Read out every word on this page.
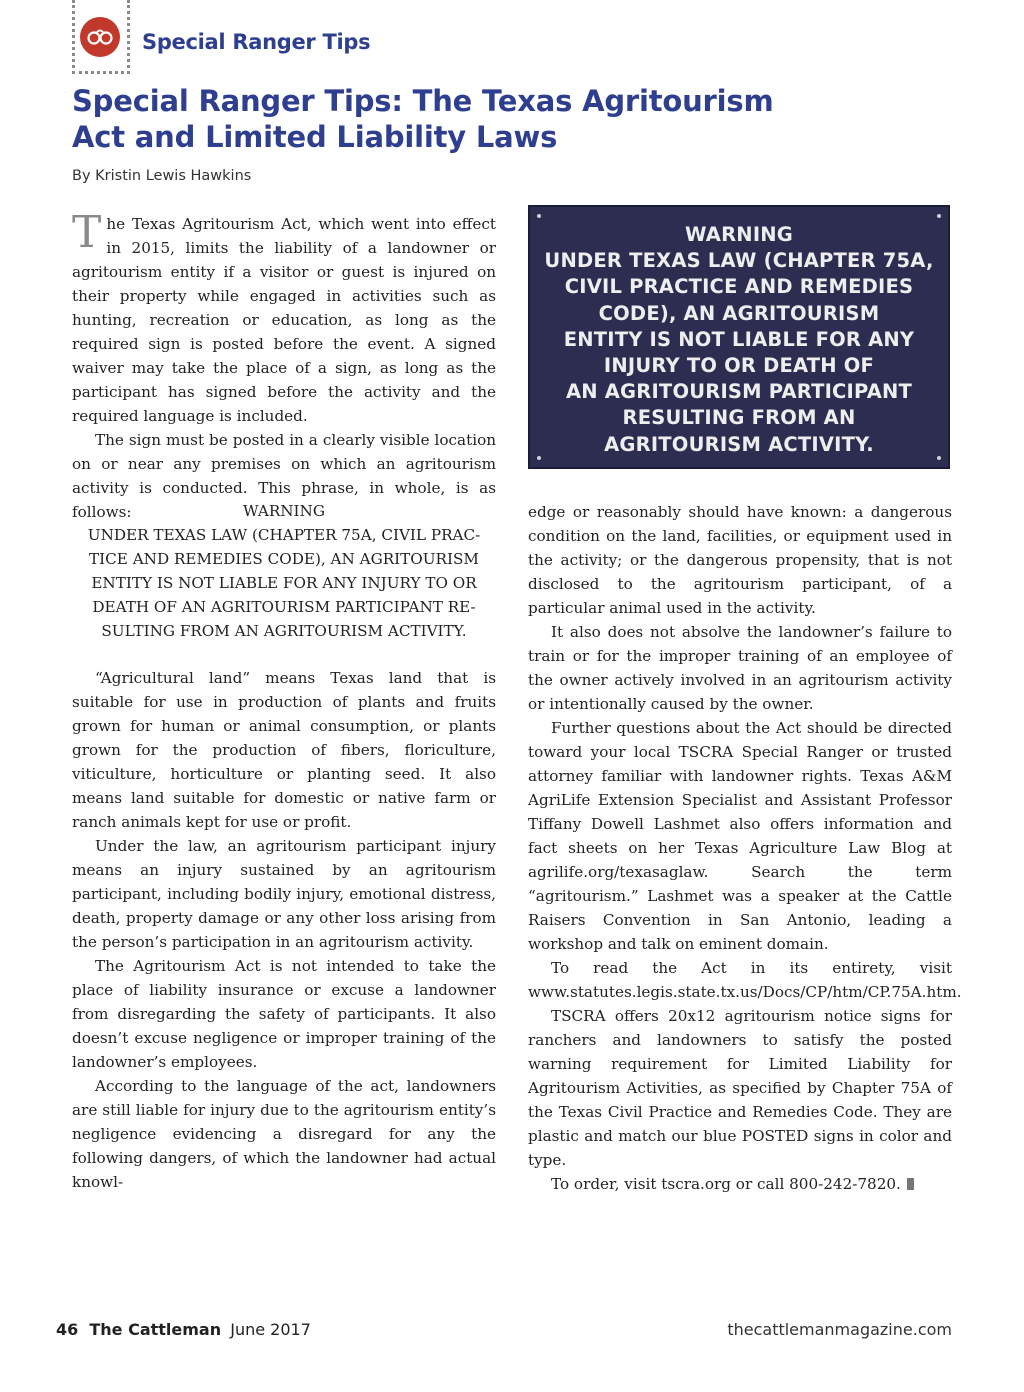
Special Ranger Tips
Special Ranger Tips: The Texas Agritourism
Act and Limited Liability Laws
By Kristin Lewis Hawkins

The Texas Agritourism Act, which went into effect in 2015, limits the liability of a landowner or agritourism entity if a visitor or guest is injured on their property while engaged in activities such as hunting, recreation or education, as long as the required sign is posted before the event. A signed waiver may take the place of a sign, as long as the participant has signed before the activity and the required language is included.

The sign must be posted in a clearly visible location on or near any premises on which an agritourism activity is conducted. This phrase, in whole, is as follows:	WARNING
UNDER TEXAS LAW (CHAPTER 75A, CIVIL PRAC-
TICE AND REMEDIES CODE), AN AGRITOURISM
ENTITY IS NOT LIABLE FOR ANY INJURY TO OR
DEATH OF AN AGRITOURISM PARTICIPANT RE-
SULTING FROM AN AGRITOURISM ACTIVITY.

“Agricultural land” means Texas land that is suitable for use in production of plants and fruits grown for human or animal consumption, or plants grown for the production of fibers, floriculture, viticulture, horticulture or planting seed. It also means land suitable for domestic or native farm or ranch animals kept for use or profit.

Under the law, an agritourism participant injury means an injury sustained by an agritourism participant, including bodily injury, emotional distress, death, property damage or any other loss arising from the person’s participation in an agritourism activity.

The Agritourism Act is not intended to take the place of liability insurance or excuse a landowner from disregarding the safety of participants. It also doesn’t excuse negligence or improper training of the landowner’s employees.

According to the language of the act, landowners are still liable for injury due to the agritourism entity’s negligence evidencing a disregard for any the following dangers, of which the landowner had actual knowl-

WARNING
UNDER TEXAS LAW (CHAPTER 75A,
CIVIL PRACTICE AND REMEDIES
CODE), AN AGRITOURISM
ENTITY IS NOT LIABLE FOR ANY
INJURY TO OR DEATH OF
AN AGRITOURISM PARTICIPANT
RESULTING FROM AN
AGRITOURISM ACTIVITY.

edge or reasonably should have known: a dangerous condition on the land, facilities, or equipment used in the activity; or the dangerous propensity, that is not disclosed to the agritourism participant, of a particular animal used in the activity.

It also does not absolve the landowner’s failure to train or for the improper training of an employee of the owner actively involved in an agritourism activity or intentionally caused by the owner.

Further questions about the Act should be directed toward your local TSCRA Special Ranger or trusted attorney familiar with landowner rights. Texas A&M AgriLife Extension Specialist and Assistant Professor Tiffany Dowell Lashmet also offers information and fact sheets on her Texas Agriculture Law Blog at agrilife.org/texasaglaw. Search the term “agritourism.” Lashmet was a speaker at the Cattle Raisers Convention in San Antonio, leading a workshop and talk on eminent domain.

To read the Act in its entirety, visit www.statutes.legis.state.tx.us/Docs/CP/htm/CP.75A.htm.

TSCRA offers 20x12 agritourism notice signs for ranchers and landowners to satisfy the posted warning requirement for Limited Liability for Agritourism Activities, as specified by Chapter 75A of the Texas Civil Practice and Remedies Code. They are plastic and match our blue POSTED signs in color and type.

To order, visit tscra.org or call 800-242-7820.

46 The Cattleman June 2017	thecattlemanmagazine.com
